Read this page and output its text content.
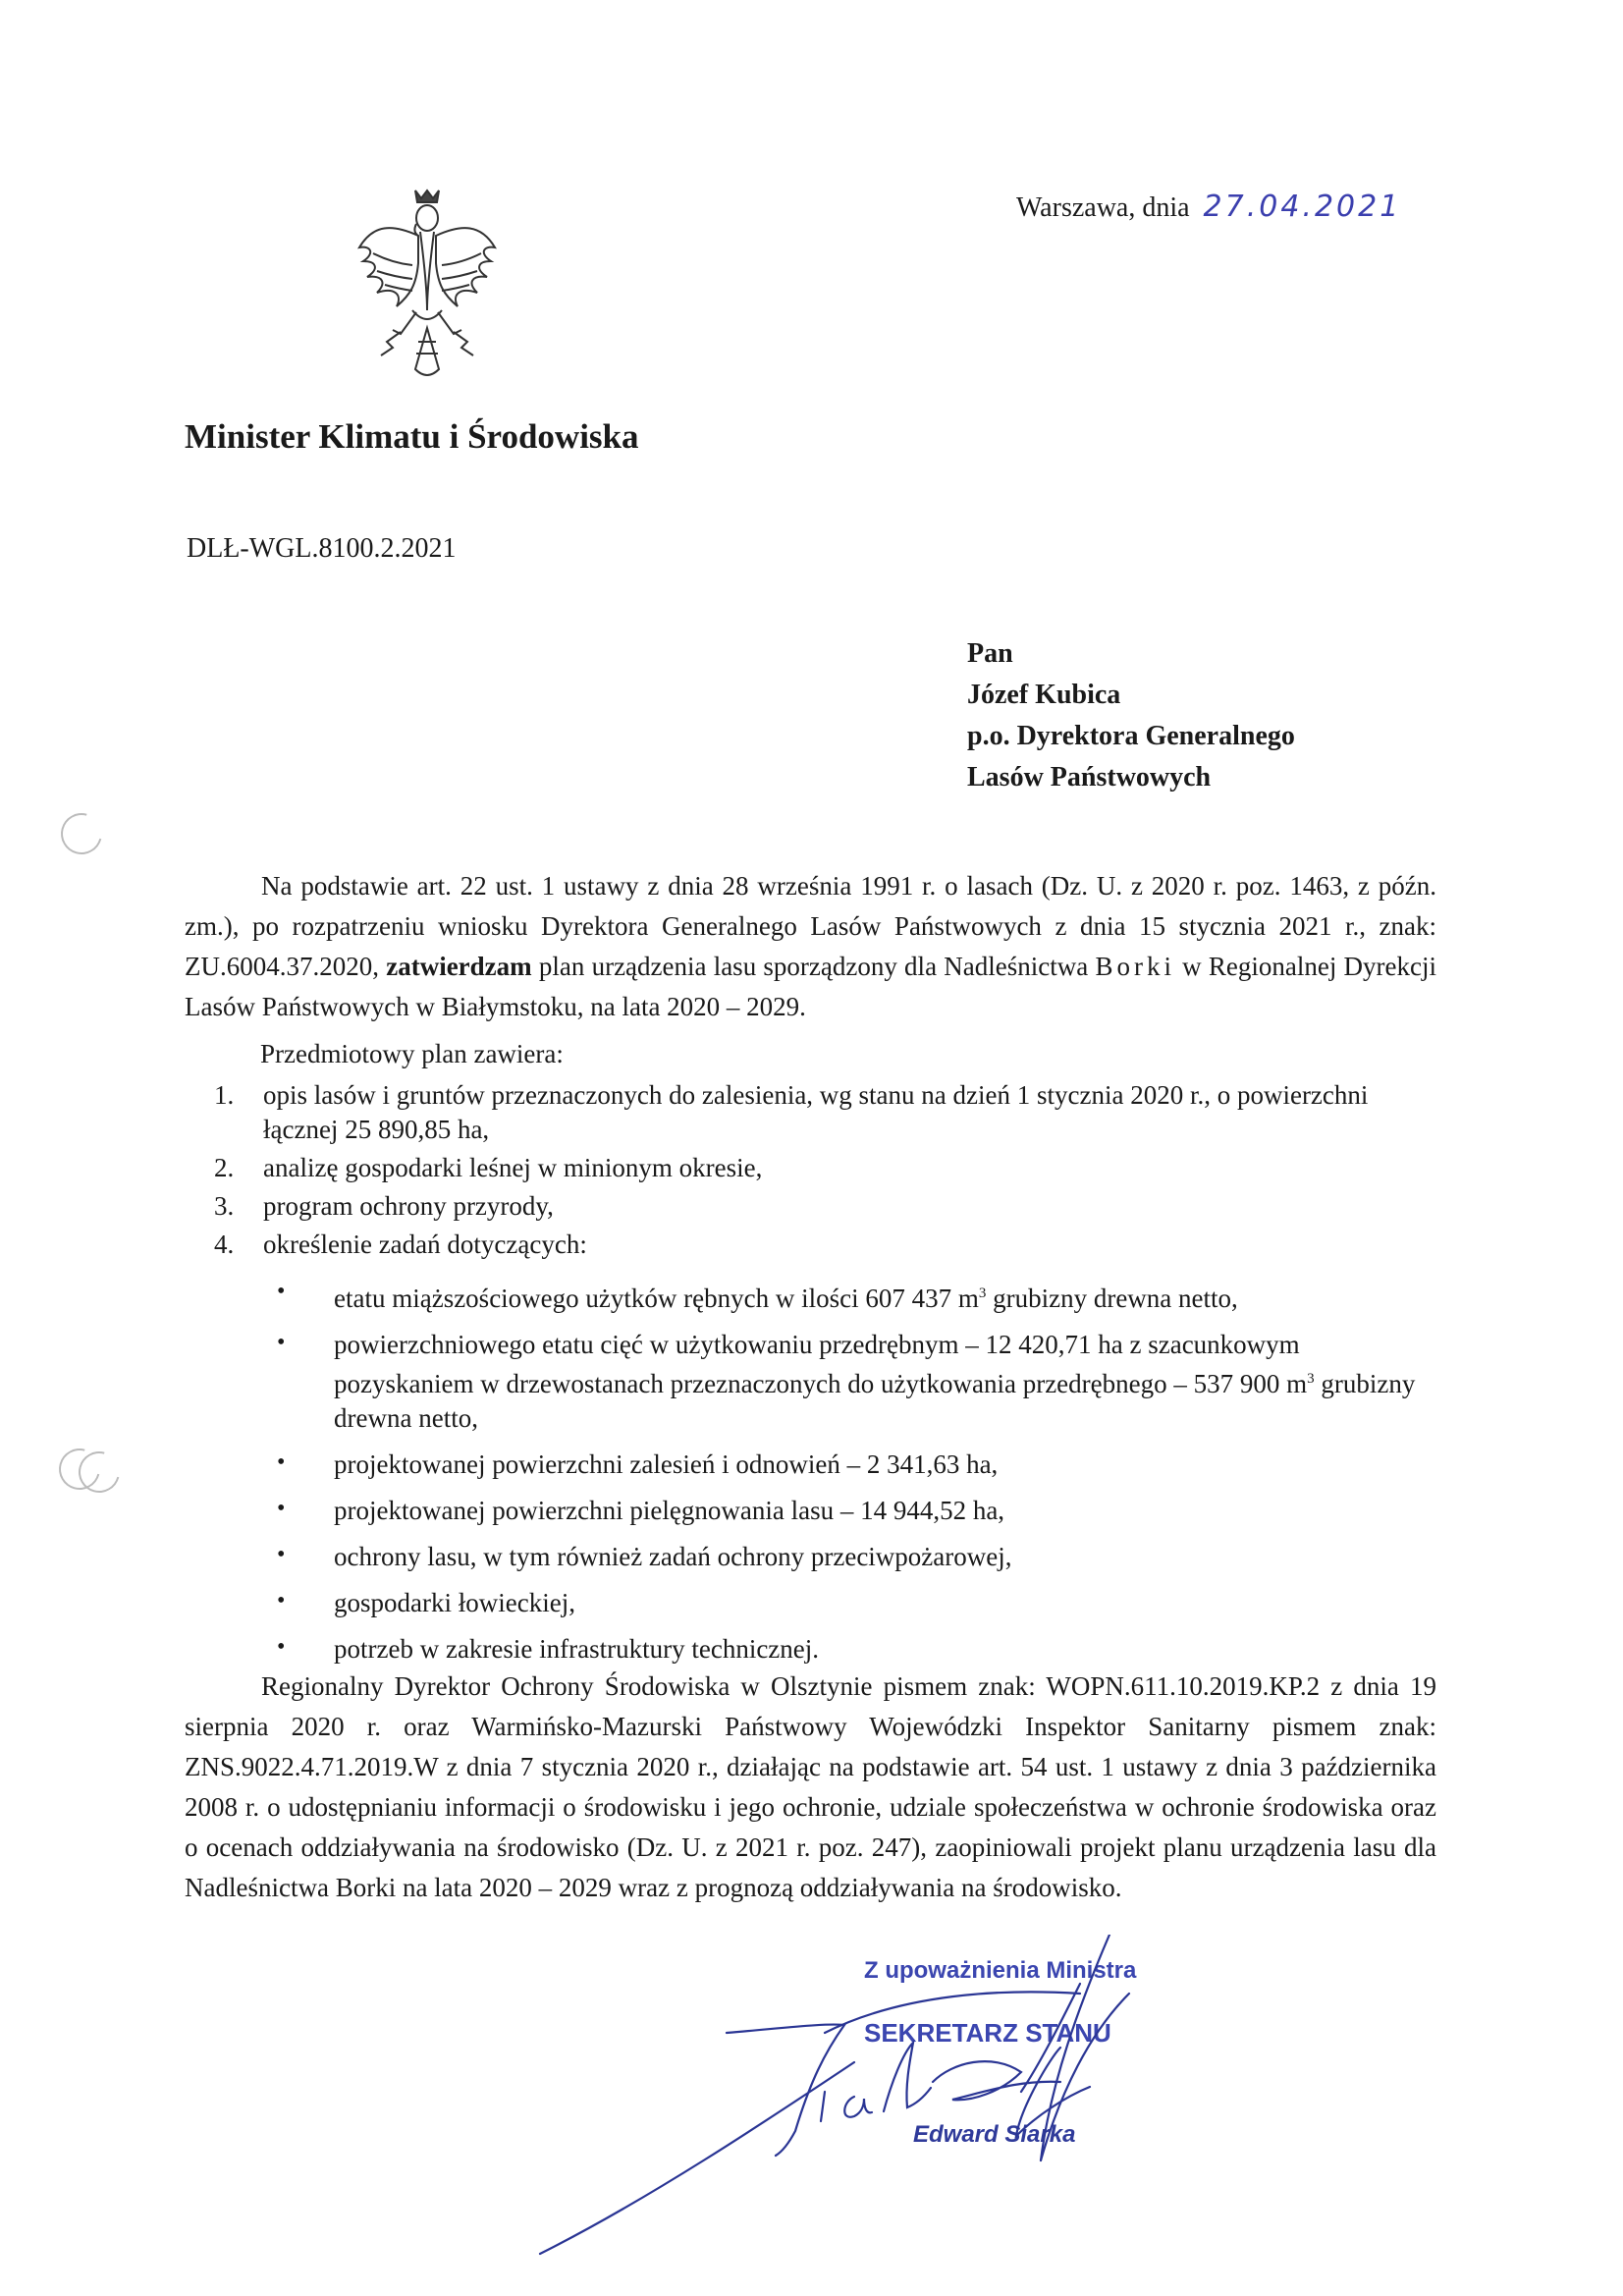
Warszawa, dnia 27.04.2021
Minister Klimatu i Środowiska
DLŁ-WGL.8100.2.2021
Pan
Józef Kubica
p.o. Dyrektora Generalnego
Lasów Państwowych

Na podstawie art. 22 ust. 1 ustawy z dnia 28 września 1991 r. o lasach (Dz. U. z 2020 r. poz. 1463, z późn. zm.), po rozpatrzeniu wniosku Dyrektora Generalnego Lasów Państwowych z dnia 15 stycznia 2021 r., znak: ZU.6004.37.2020, zatwierdzam plan urządzenia lasu sporządzony dla Nadleśnictwa Borki w Regionalnej Dyrekcji Lasów Państwowych w Białymstoku, na lata 2020 – 2029.

Przedmiotowy plan zawiera:
1. opis lasów i gruntów przeznaczonych do zalesienia, wg stanu na dzień 1 stycznia 2020 r., o powierzchni łącznej 25 890,85 ha,
2. analizę gospodarki leśnej w minionym okresie,
3. program ochrony przyrody,
4. określenie zadań dotyczących:
• etatu miąższościowego użytków rębnych w ilości 607 437 $m^3$ grubizny drewna netto,
• powierzchniowego etatu cięć w użytkowaniu przedrębnym – 12 420,71 ha z szacunkowym pozyskaniem w drzewostanach przeznaczonych do użytkowania przedrębnego – 537 900 $m^3$ grubizny drewna netto,
• projektowanej powierzchni zalesień i odnowień – 2 341,63 ha,
• projektowanej powierzchni pielęgnowania lasu – 14 944,52 ha,
• ochrony lasu, w tym również zadań ochrony przeciwpożarowej,
• gospodarki łowieckiej,
• potrzeb w zakresie infrastruktury technicznej.

Regionalny Dyrektor Ochrony Środowiska w Olsztynie pismem znak: WOPN.611.10.2019.KP.2 z dnia 19 sierpnia 2020 r. oraz Warmińsko-Mazurski Państwowy Wojewódzki Inspektor Sanitarny pismem znak: ZNS.9022.4.71.2019.W z dnia 7 stycznia 2020 r., działając na podstawie art. 54 ust. 1 ustawy z dnia 3 października 2008 r. o udostępnianiu informacji o środowisku i jego ochronie, udziale społeczeństwa w ochronie środowiska oraz o ocenach oddziaływania na środowisko (Dz. U. z 2021 r. poz. 247), zaopiniowali projekt planu urządzenia lasu dla Nadleśnictwa Borki na lata 2020 – 2029 wraz z prognozą oddziaływania na środowisko.

Z upoważnienia Ministra
SEKRETARZ STANU
Edward Siarka
